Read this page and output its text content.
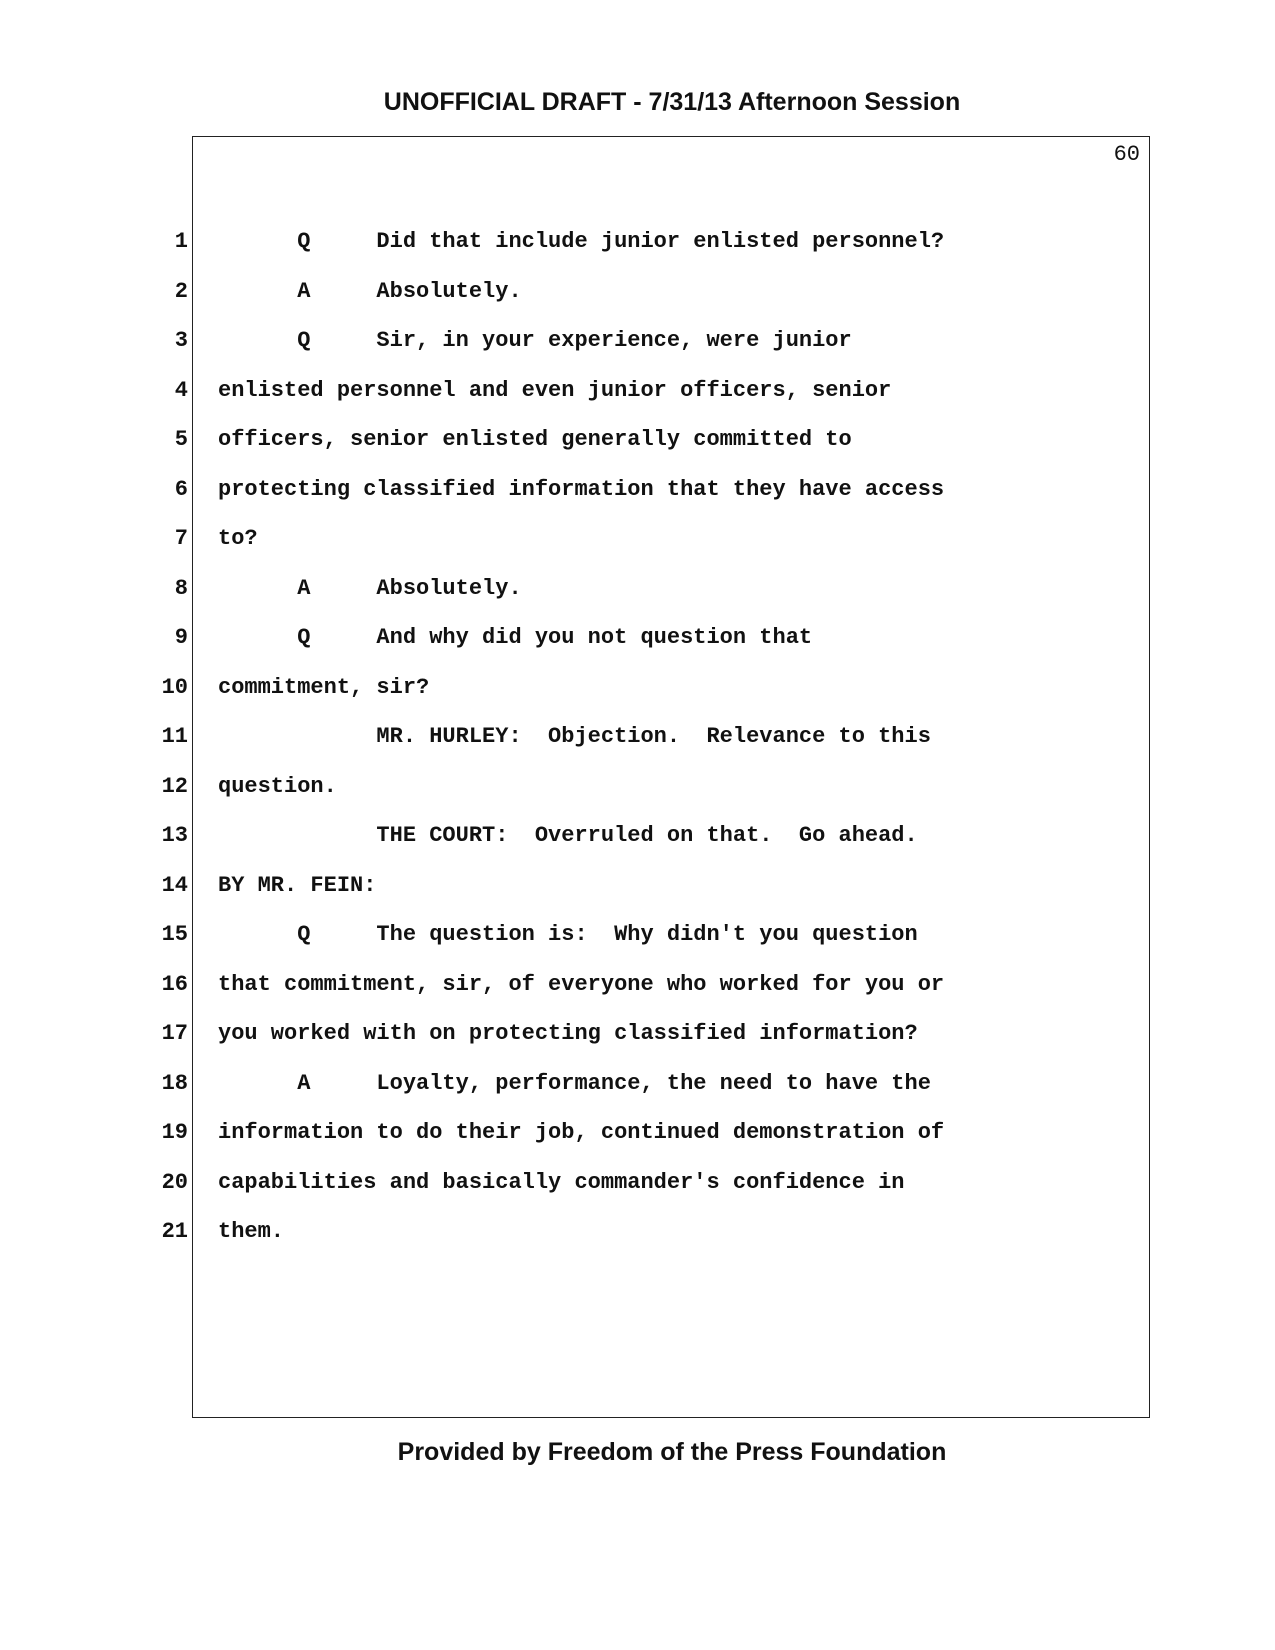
UNOFFICIAL DRAFT - 7/31/13 Afternoon Session
60
1
2
3
4
5
6
7
8
9
10
11
12
13
14
15
16
17
18
19
20
21
Q     Did that include junior enlisted personnel?
A     Absolutely.
Q     Sir, in your experience, were junior
enlisted personnel and even junior officers, senior
officers, senior enlisted generally committed to
protecting classified information that they have access
to?
A     Absolutely.
Q     And why did you not question that
commitment, sir?
MR. HURLEY:  Objection.  Relevance to this
question.
THE COURT:  Overruled on that.  Go ahead.
BY MR. FEIN:
Q     The question is:  Why didn't you question
that commitment, sir, of everyone who worked for you or
you worked with on protecting classified information?
A     Loyalty, performance, the need to have the
information to do their job, continued demonstration of
capabilities and basically commander's confidence in
them.
Provided by Freedom of the Press Foundation
